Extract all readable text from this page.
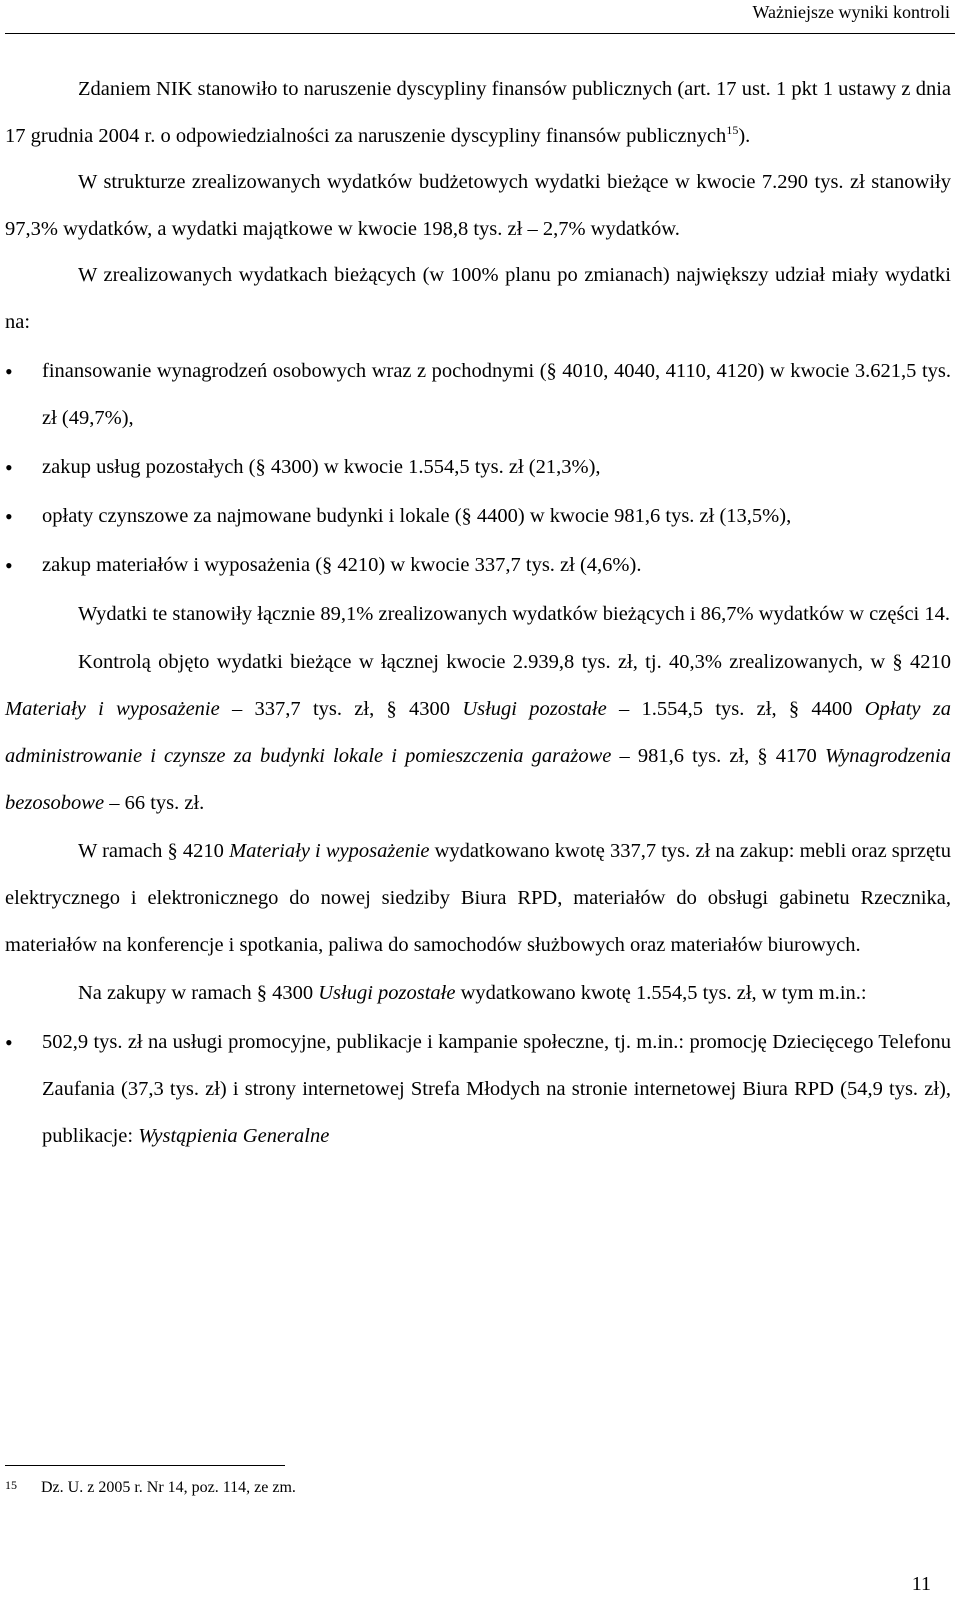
Ważniejsze wyniki kontroli

Zdaniem NIK stanowiło to naruszenie dyscypliny finansów publicznych (art. 17 ust. 1 pkt 1 ustawy z dnia 17 grudnia 2004 r. o odpowiedzialności za naruszenie dyscypliny finansów publicznych$^{15}$).

W strukturze zrealizowanych wydatków budżetowych wydatki bieżące w kwocie 7.290 tys. zł stanowiły 97,3% wydatków, a wydatki majątkowe w kwocie 198,8 tys. zł – 2,7% wydatków.

W zrealizowanych wydatkach bieżących (w 100% planu po zmianach) największy udział miały wydatki na:

• finansowanie wynagrodzeń osobowych wraz z pochodnymi (§ 4010, 4040, 4110, 4120) w kwocie 3.621,5 tys. zł (49,7%),
• zakup usług pozostałych (§ 4300) w kwocie 1.554,5 tys. zł (21,3%),
• opłaty czynszowe za najmowane budynki i lokale (§ 4400) w kwocie 981,6 tys. zł (13,5%),
• zakup materiałów i wyposażenia (§ 4210) w kwocie 337,7 tys. zł (4,6%).

Wydatki te stanowiły łącznie 89,1% zrealizowanych wydatków bieżących i 86,7% wydatków w części 14.

Kontrolą objęto wydatki bieżące w łącznej kwocie 2.939,8 tys. zł, tj. 40,3% zrealizowanych, w § 4210 Materiały i wyposażenie – 337,7 tys. zł, § 4300 Usługi pozostałe – 1.554,5 tys. zł, § 4400 Opłaty za administrowanie i czynsze za budynki lokale i pomieszczenia garażowe – 981,6 tys. zł, § 4170 Wynagrodzenia bezosobowe – 66 tys. zł.

W ramach § 4210 Materiały i wyposażenie wydatkowano kwotę 337,7 tys. zł na zakup: mebli oraz sprzętu elektrycznego i elektronicznego do nowej siedziby Biura RPD, materiałów do obsługi gabinetu Rzecznika, materiałów na konferencje i spotkania, paliwa do samochodów służbowych oraz materiałów biurowych.

Na zakupy w ramach § 4300 Usługi pozostałe wydatkowano kwotę 1.554,5 tys. zł, w tym m.in.:

• 502,9 tys. zł na usługi promocyjne, publikacje i kampanie społeczne, tj. m.in.: promocję Dziecięcego Telefonu Zaufania (37,3 tys. zł) i strony internetowej Strefa Młodych na stronie internetowej Biura RPD (54,9 tys. zł), publikacje: Wystąpienia Generalne
15 Dz. U. z 2005 r. Nr 14, poz. 114, ze zm.
11
